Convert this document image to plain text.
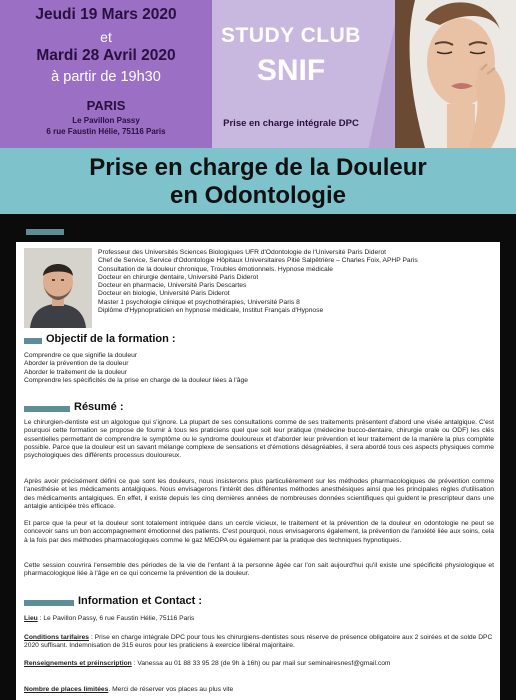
Jeudi 19 Mars 2020
et
Mardi 28 Avril 2020
à partir de 19h30
PARIS
Le Pavillon Passy
6 rue Faustin Hélie, 75116 Paris
STUDY CLUB
SNIF
Prise en charge intégrale DPC
Prise en charge de la Douleur
en Odontologie
Professeur des Universités Sciences Biologiques UFR d'Odontologie de l'Université Paris Diderot
Chef de Service, Service d'Odontologie Hôpitaux Universitaires Pitié Salpêtrière – Charles Foix, APHP Paris
Consultation de la douleur chronique, Troubles émotionnels. Hypnose médicale
Docteur en chirurgie dentaire, Université Paris Diderot
Docteur en pharmacie, Université Paris Descartes
Docteur en biologie, Université Paris Diderot
Master 1 psychologie clinique et psychothérapies, Université Paris 8
Diplôme d'Hypnopraticien en hypnose médicale, Institut Français d'Hypnose
Objectif de la formation :
Comprendre ce que signifie la douleur
Aborder la prévention de la douleur
Aborder le traitement de la douleur
Comprendre les spécificités de la prise en charge de la douleur liées à l'âge
Résumé :
Le chirurgien-dentiste est un algologue qui s'ignore. La plupart de ses consultations comme de ses traitements présentent d'abord une visée antalgique. C'est pourquoi cette formation se propose de fournir à tous les praticiens quel que soit leur pratique (médecine bucco-dentaire, chirurgie orale ou ODF) les clés essentielles permettant de comprendre le symptôme ou le syndrome douloureux et d'aborder leur prévention et leur traitement de la manière la plus complète possible. Parce que la douleur est un savant mélange complexe de sensations et d'émotions désagréables, il sera abordé tous ces aspects physiques comme psychologiques des différents processus douloureux.
Après avoir précisément défini ce que sont les douleurs, nous insisterons plus particulièrement sur les méthodes pharmacologiques de prévention comme l'anesthésie et les médicaments antalgiques. Nous envisagerons l'intérêt des différentes méthodes anesthésiques ainsi que les principales règles d'utilisation des médicaments antalgiques. En effet, il existe depuis les cinq dernières années de nombreuses données scientifiques qui guident le prescripteur dans une antalgie anticipée très efficace.
Et parce que la peur et la douleur sont totalement intriquée dans un cercle vicieux, le traitement et la prévention de la douleur en odontologie ne peut se concevoir sans un bon accompagnement émotionnel des patients. C'est pourquoi, nous envisagerons également, la prévention de l'anxiété liée aux soins, cela à la fois par des méthodes pharmacologiques comme le gaz MEOPA ou également par la pratique des techniques hypnotiques.
Cette session couvrira l'ensemble des périodes de la vie de l'enfant à la personne âgée car l'on sait aujourd'hui qu'il existe une spécificité physiologique et pharmacologique liée à l'âge en ce qui concerne la prévention de la douleur.
Information et Contact :
Lieu : Le Pavillon Passy, 6 rue Faustin Hélie, 75116 Paris
Conditions tarifaires : Prise en charge intégrale DPC pour tous les chirurgiens-dentistes sous réserve de présence obligatoire aux 2 soirées et de solde DPC 2020 suffisant. Indemnisation de 315 euros pour les praticiens à exercice libéral majoritaire.
Renseignements et préinscription : Vanessa au 01 88 33 95 28 (de 9h à 16h) ou par mail sur seminairesnesf@gmail.com
Nombre de places limitées. Merci de réserver vos places au plus vite
